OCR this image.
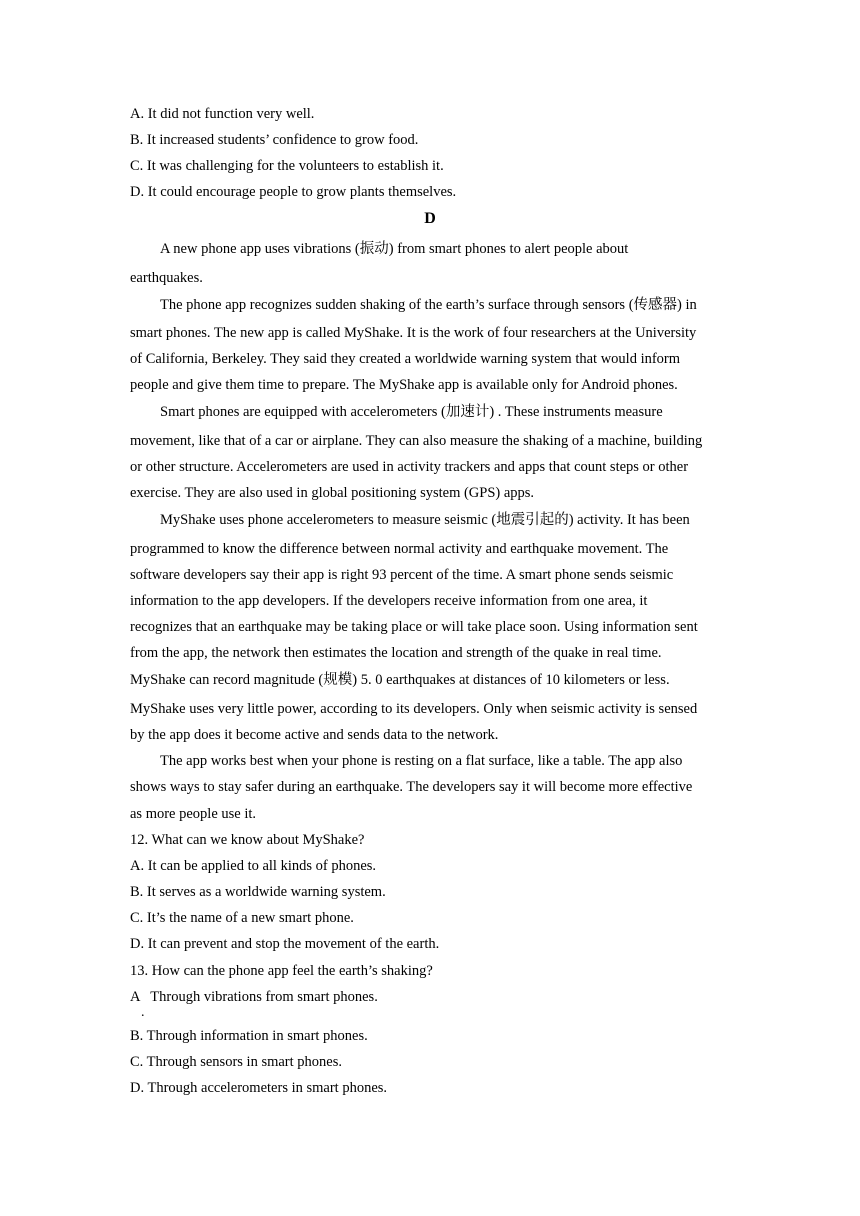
A. It did not function very well.
B. It increased students’ confidence to grow food.
C. It was challenging for the volunteers to establish it.
D. It could encourage people to grow plants themselves.
D
A new phone app uses vibrations (振动) from smart phones to alert people about
earthquakes.
The phone app recognizes sudden shaking of the earth’s surface through sensors (传感器) in
smart phones. The new app is called MyShake. It is the work of four researchers at the University
of California, Berkeley. They said they created a worldwide warning system that would inform
people and give them time to prepare. The MyShake app is available only for Android phones.
Smart phones are equipped with accelerometers (加速计) . These instruments measure
movement, like that of a car or airplane. They can also measure the shaking of a machine, building
or other structure. Accelerometers are used in activity trackers and apps that count steps or other
exercise. They are also used in global positioning system (GPS) apps.
MyShake uses phone accelerometers to measure seismic (地震引起的) activity. It has been
programmed to know the difference between normal activity and earthquake movement. The
software developers say their app is right 93 percent of the time. A smart phone sends seismic
information to the app developers. If the developers receive information from one area, it
recognizes that an earthquake may be taking place or will take place soon. Using information sent
from the app, the network then estimates the location and strength of the quake in real time.
MyShake can record magnitude (规模) 5. 0 earthquakes at distances of 10 kilometers or less.
MyShake uses very little power, according to its developers. Only when seismic activity is sensed
by the app does it become active and sends data to the network.
The app works best when your phone is resting on a flat surface, like a table. The app also
shows ways to stay safer during an earthquake. The developers say it will become more effective
as more people use it.
12. What can we know about MyShake?
A. It can be applied to all kinds of phones.
B. It serves as a worldwide warning system.
C. It’s the name of a new smart phone.
D. It can prevent and stop the movement of the earth.
13. How can the phone app feel the earth’s shaking?
A   Through vibrations from smart phones.
.
B. Through information in smart phones.
C. Through sensors in smart phones.
D. Through accelerometers in smart phones.
